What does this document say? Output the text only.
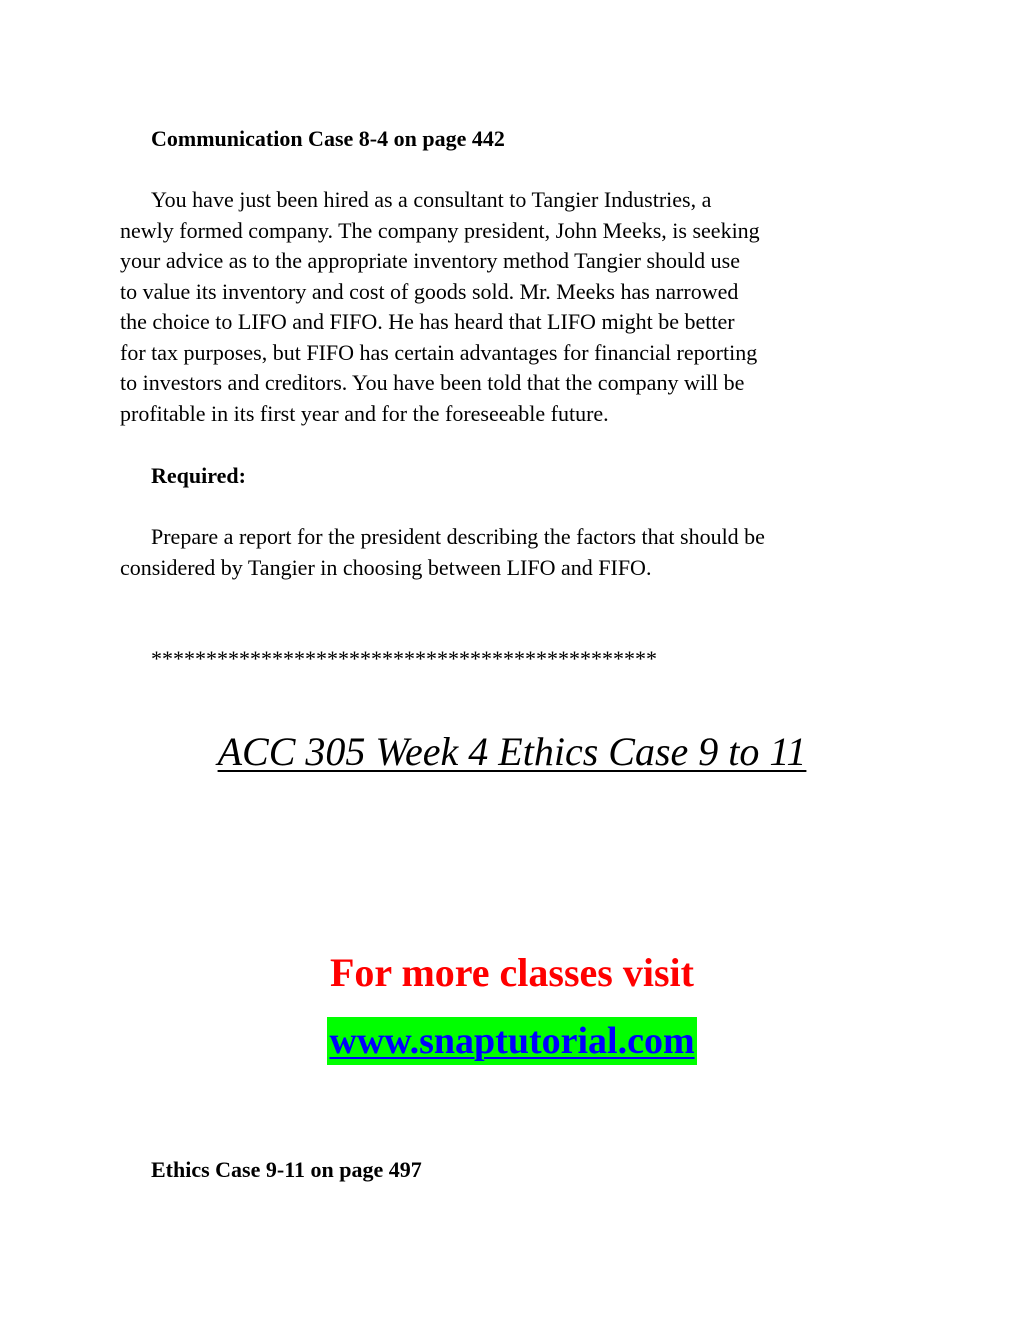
Communication Case 8-4 on page 442
You have just been hired as a consultant to Tangier Industries, a
newly formed company. The company president, John Meeks, is seeking
your advice as to the appropriate inventory method Tangier should use
to value its inventory and cost of goods sold. Mr. Meeks has narrowed
the choice to LIFO and FIFO. He has heard that LIFO might be better
for tax purposes, but FIFO has certain advantages for financial reporting
to investors and creditors. You have been told that the company will be
profitable in its first year and for the foreseeable future.
Required:
Prepare a report for the president describing the factors that should be
considered by Tangier in choosing between LIFO and FIFO.
**********************************************
ACC 305 Week 4 Ethics Case 9 to 11
For more classes visit
www.snaptutorial.com
Ethics Case 9-11 on page 497
